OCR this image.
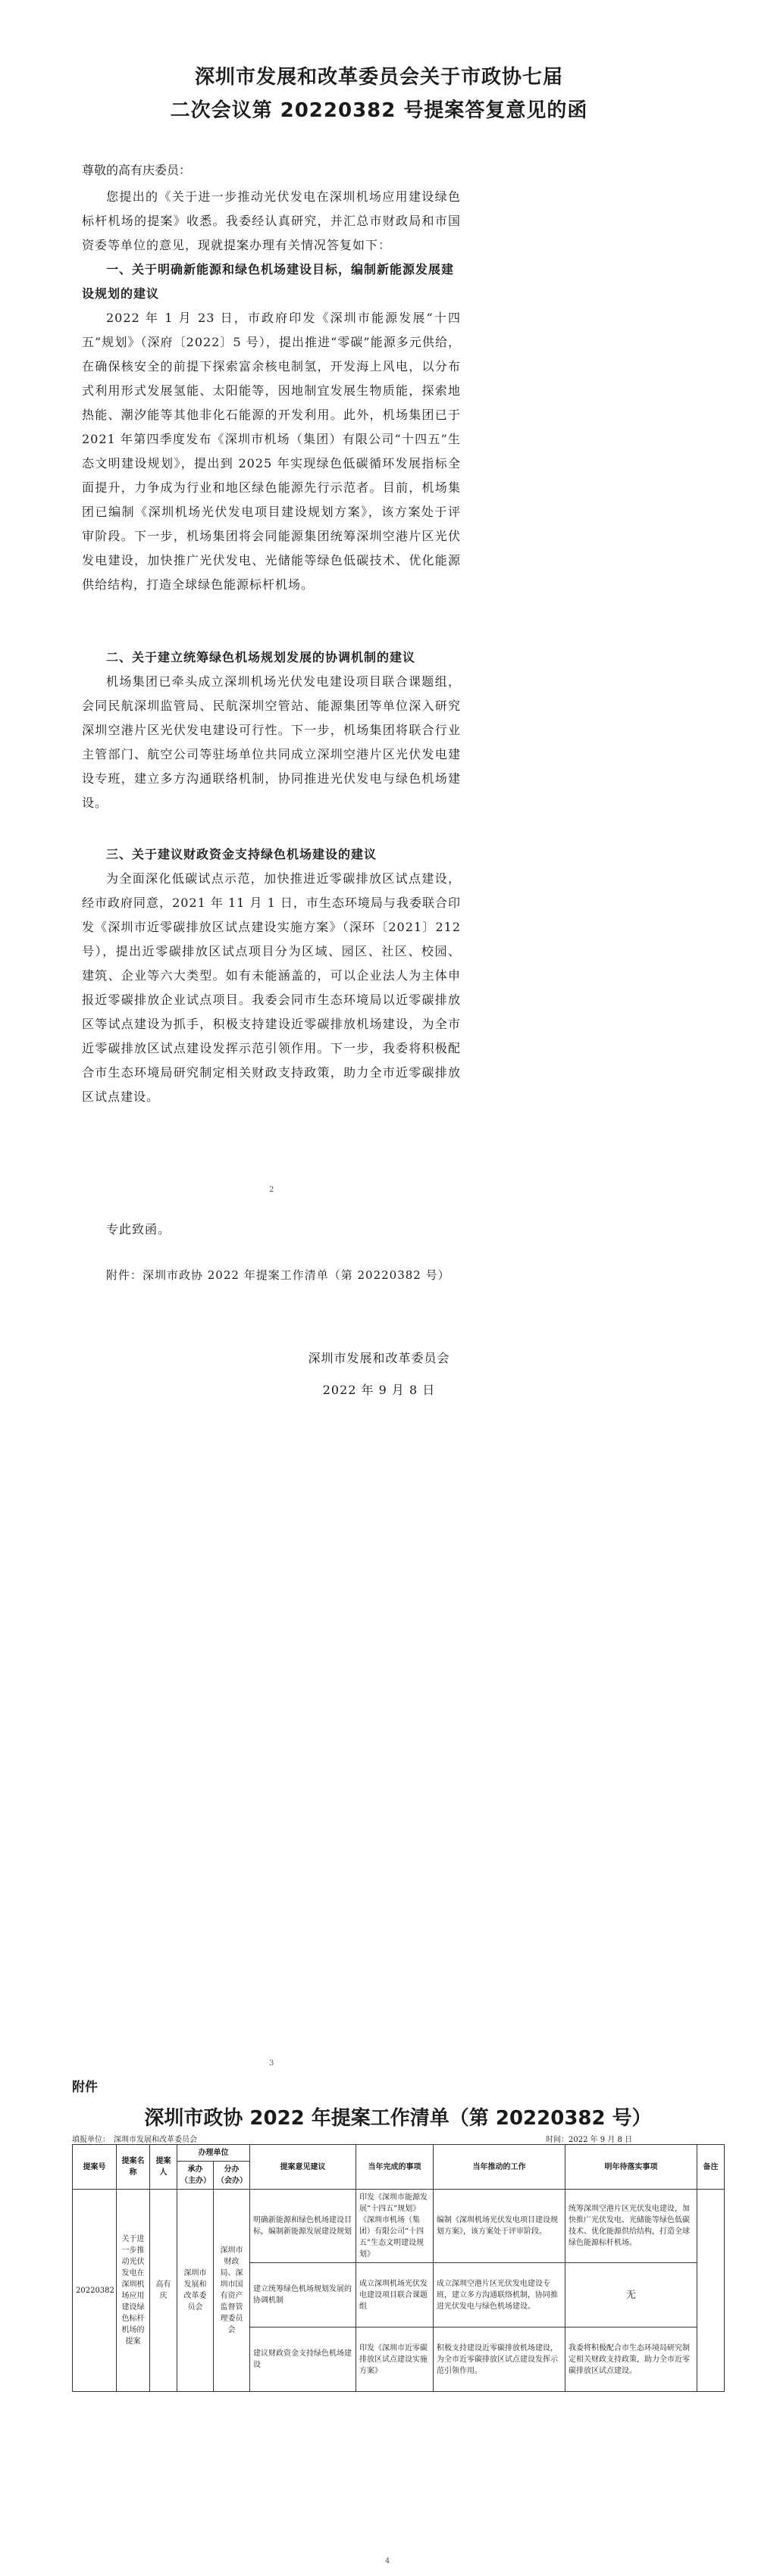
深圳市发展和改革委员会关于市政协七届
二次会议第 20220382 号提案答复意见的函
尊敬的高有庆委员：

您提出的《关于进一步推动光伏发电在深圳机场应用建设绿色标杆机场的提案》收悉。我委经认真研究，并汇总市财政局和市国资委等单位的意见，现就提案办理有关情况答复如下：

一、关于明确新能源和绿色机场建设目标，编制新能源发展建设规划的建议

2022 年 1 月 23 日，市政府印发《深圳市能源发展“十四五”规划》（深府〔2022〕5 号），提出推进“零碳”能源多元供给，在确保核安全的前提下探索富余核电制氢，开发海上风电，以分布式利用形式发展氢能、太阳能等，因地制宜发展生物质能，探索地热能、潮汐能等其他非化石能源的开发利用。此外，机场集团已于 2021 年第四季度发布《深圳市机场（集团）有限公司“十四五”生态文明建设规划》，提出到 2025 年实现绿色低碳循环发展指标全面提升，力争成为行业和地区绿色能源先行示范者。目前，机场集团已编制《深圳机场光伏发电项目建设规划方案》，该方案处于评审阶段。下一步，机场集团将会同能源集团统筹深圳空港片区光伏发电建设，加快推广光伏发电、光储能等绿色低碳技术、优化能源供给结构，打造全球绿色能源标杆机场。

二、关于建立统筹绿色机场规划发展的协调机制的建议

机场集团已牵头成立深圳机场光伏发电建设项目联合课题组，会同民航深圳监管局、民航深圳空管站、能源集团等单位深入研究深圳空港片区光伏发电建设可行性。下一步，机场集团将联合行业主管部门、航空公司等驻场单位共同成立深圳空港片区光伏发电建设专班，建立多方沟通联络机制，协同推进光伏发电与绿色机场建设。

三、关于建议财政资金支持绿色机场建设的建议

为全面深化低碳试点示范，加快推进近零碳排放区试点建设，经市政府同意，2021 年 11 月 1 日，市生态环境局与我委联合印发《深圳市近零碳排放区试点建设实施方案》（深环〔2021〕212 号），提出近零碳排放区试点项目分为区域、园区、社区、校园、建筑、企业等六大类型。如有未能涵盖的，可以企业法人为主体申报近零碳排放企业试点项目。我委会同市生态环境局以近零碳排放区等试点建设为抓手，积极支持建设近零碳排放机场建设，为全市近零碳排放区试点建设发挥示范引领作用。下一步，我委将积极配合市生态环境局研究制定相关财政支持政策，助力全市近零碳排放区试点建设。

2
专此致函。
附件：深圳市政协 2022 年提案工作清单（第 20220382 号）
深圳市发展和改革委员会
2022 年 9 月 8 日
3
附件
深圳市政协 2022 年提案工作清单（第 20220382 号）
填报单位：　深圳市发展和改革委员会	时间：2022 年 9 月 8 日
提案号	提案名称	提案人	办理单位		提案意见建议	当年完成的事项	当年推动的工作	明年待落实事项	备注
			承办（主办）	分办（会办）					
20220382	关于进一步推动光伏发电在深圳机场应用建设绿色标杆机场的提案	高有庆	深圳市发展和改革委员会	深圳市财政局、深圳市国有资产监督管理委员会	明确新能源和绿色机场建设目标，编制新能源发展建设规划	印发《深圳市能源发展“十四五”规划》《深圳市机场（集团）有限公司“十四五”生态文明建设规划》	编制《深圳机场光伏发电项目建设规划方案》，该方案处于评审阶段。	统筹深圳空港片区光伏发电建设，加快推广光伏发电、光储能等绿色低碳技术、优化能源供给结构，打造全球绿色能源标杆机场。	
					建立统筹绿色机场规划发展的协调机制	成立深圳机场光伏发电建设项目联合课题组	成立深圳空港片区光伏发电建设专班，建立多方沟通联络机制，协同推进光伏发电与绿色机场建设。	无	
					建议财政资金支持绿色机场建设	印发《深圳市近零碳排放区试点建设实施方案》	积极支持建设近零碳排放机场建设，为全市近零碳排放区试点建设发挥示范引领作用。	我委将积极配合市生态环境局研究制定相关财政支持政策，助力全市近零碳排放区试点建设。	
4
